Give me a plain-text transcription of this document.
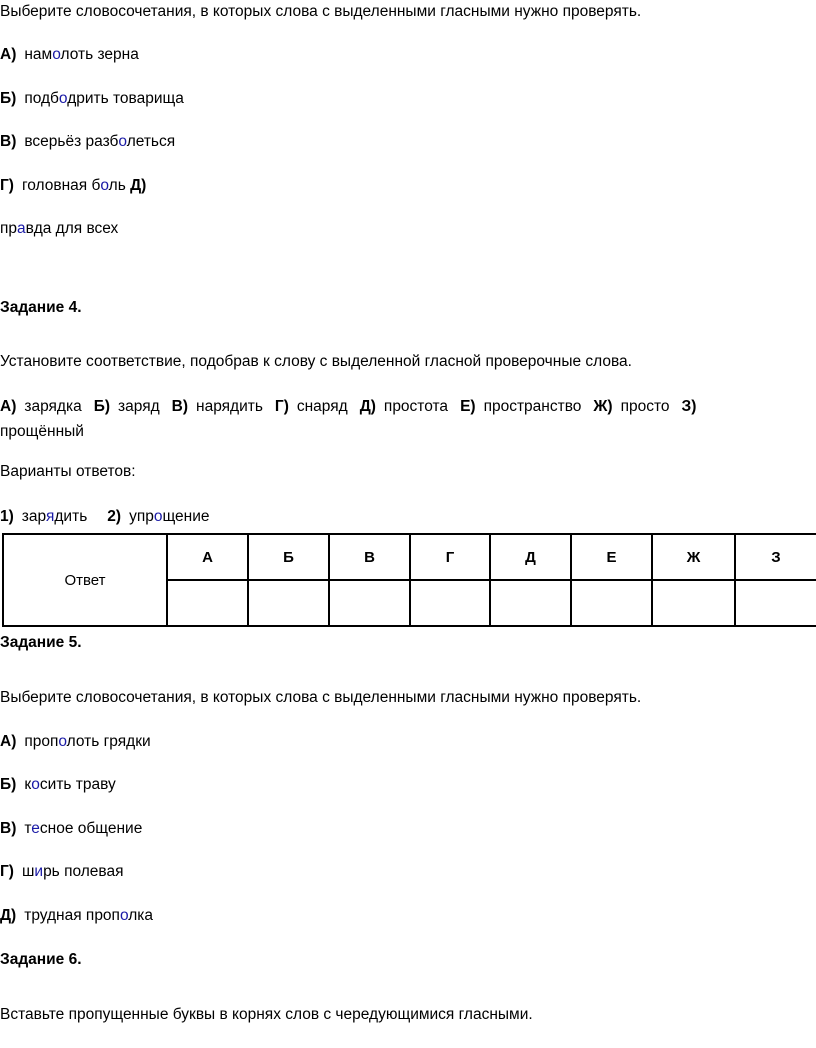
Выберите словосочетания, в которых слова с выделенными гласными нужно проверять.
А) намолоть зерна
Б) подбодрить товарища
В) всерьёз разболеться
Г) головная боль Д)
правда для всех
Задание 4.
Установите соответствие, подобрав к слову с выделенной гласной проверочные слова.
А) зарядка Б) заряд В) нарядить Г) снаряд Д) простота Е) пространство Ж) просто З)
прощённый
Варианты ответов:
1) зарядить 2) упрощение
Ответ	А	Б	В	Г	Д	Е	Ж	З

Задание 5.
Выберите словосочетания, в которых слова с выделенными гласными нужно проверять.
А) прополоть грядки
Б) косить траву
В) тесное общение
Г) ширь полевая
Д) трудная прополка
Задание 6.
Вставьте пропущенные буквы в корнях слов с чередующимися гласными.
